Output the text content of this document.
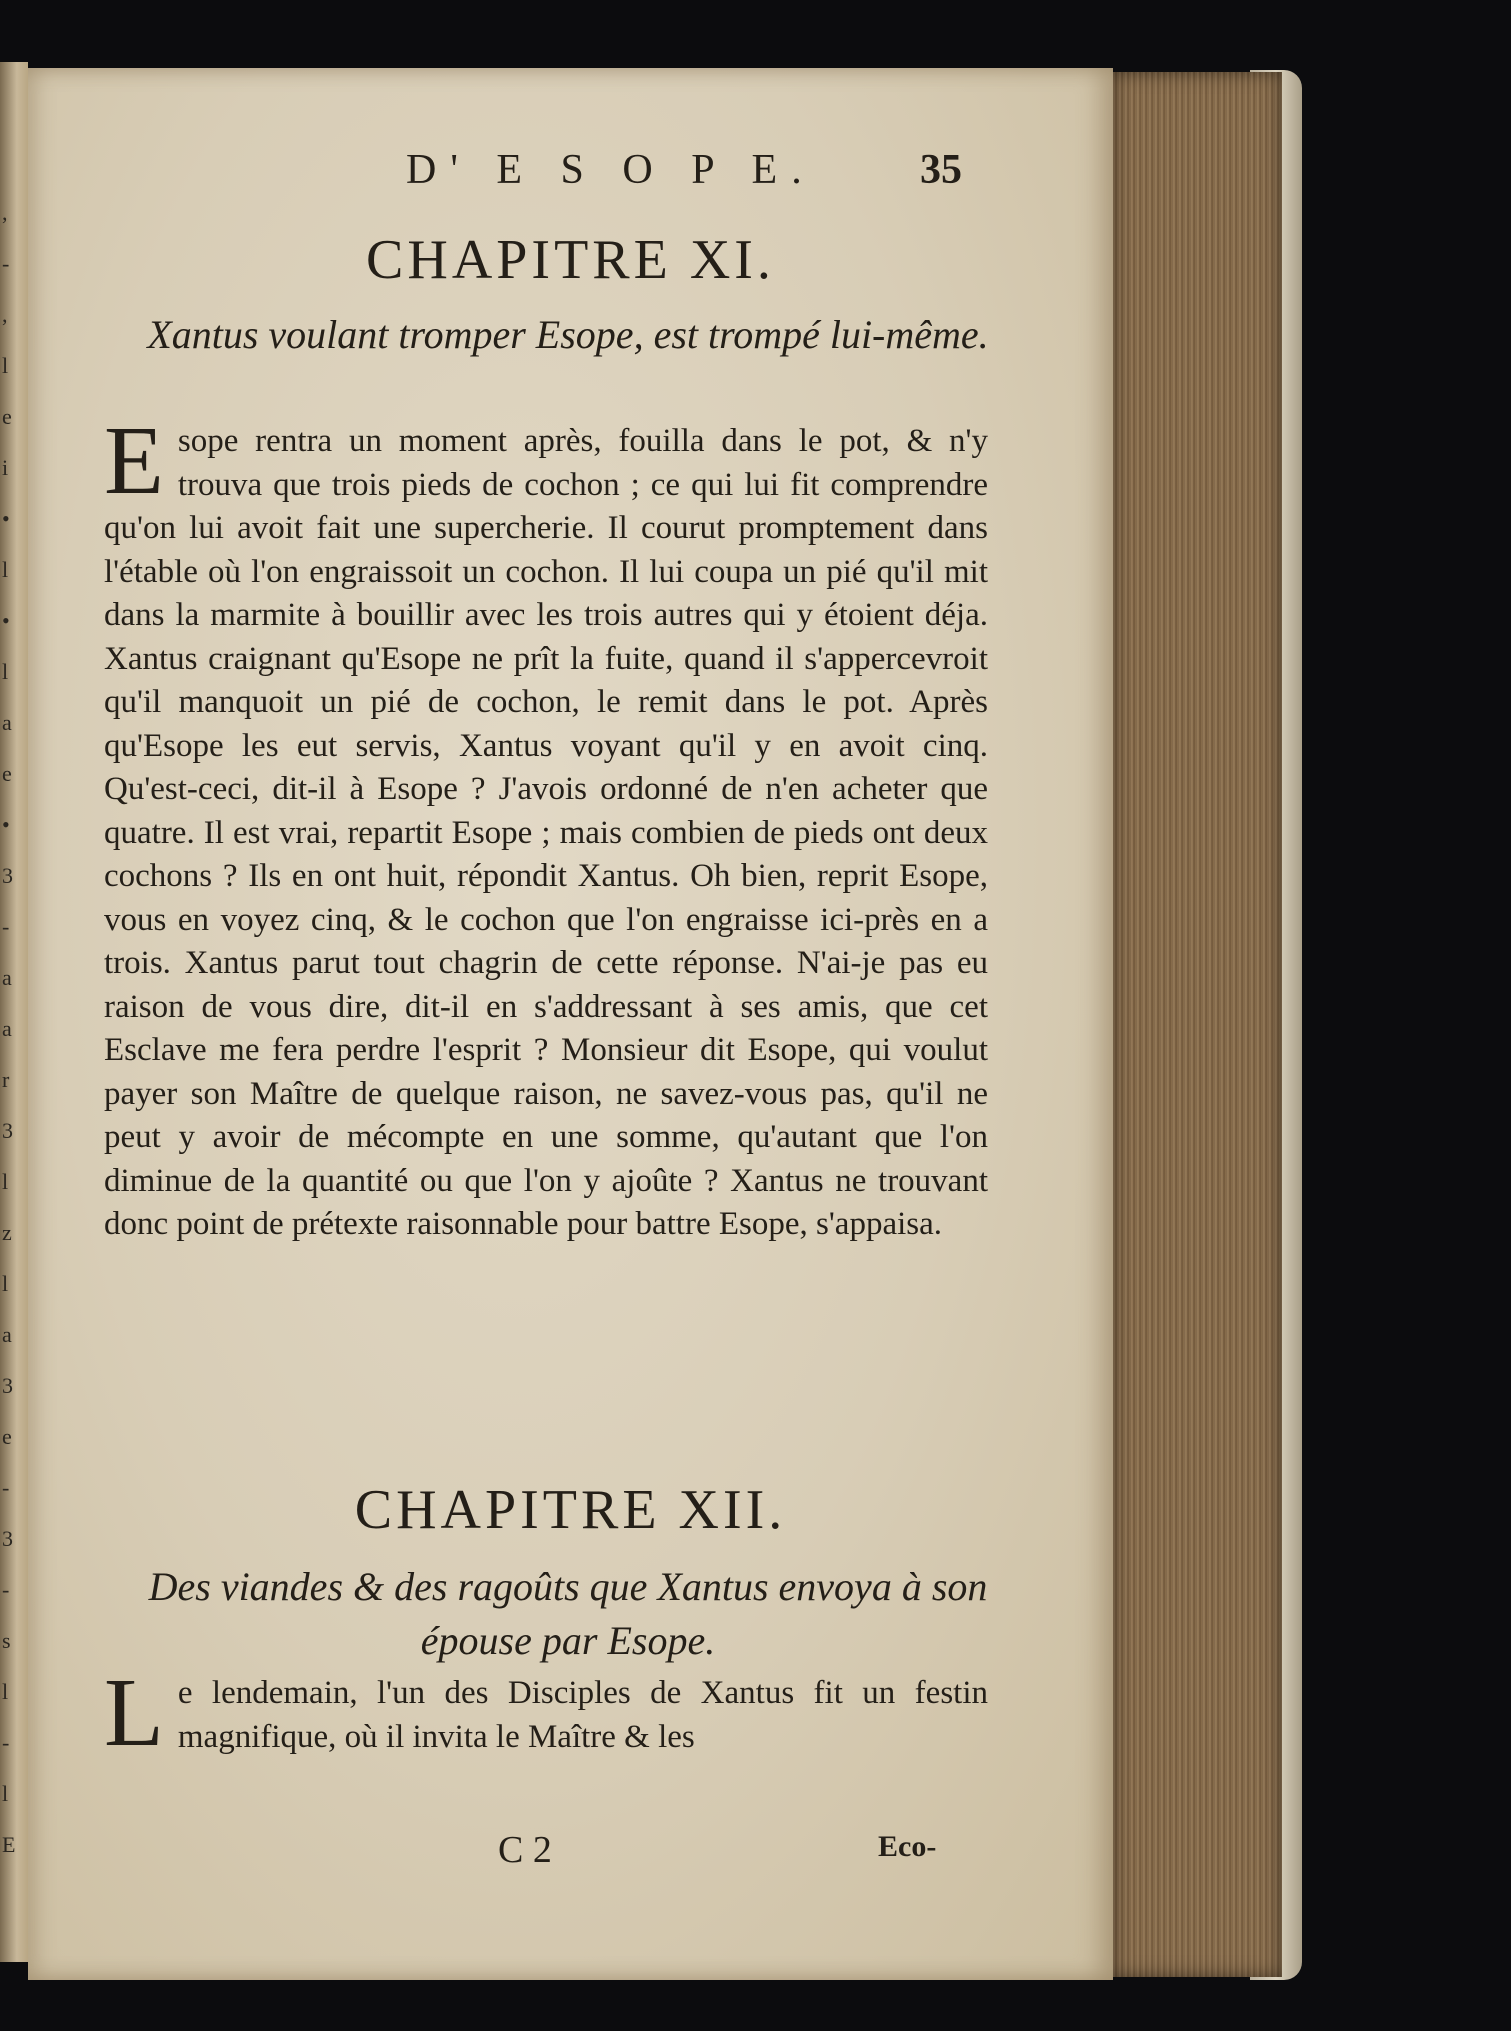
,
-
,
l
e
i
•
l
•
l
a
e
•
3
-
a
a
r
3
l
z
l
a
3
e
-
3
-
s
l
-
l
E
D' E S O P E. 35
CHAPITRE XI.
Xantus voulant tromper Esope, est trompé lui-même.
Esope rentra un moment après, fouilla dans le pot, & n'y trouva que trois pieds de cochon ; ce qui lui fit comprendre qu'on lui avoit fait une supercherie. Il courut promptement dans l'étable où l'on engraissoit un cochon. Il lui coupa un pié qu'il mit dans la marmite à bouillir avec les trois autres qui y étoient déja. Xantus craignant qu'Esope ne prît la fuite, quand il s'appercevroit qu'il manquoit un pié de cochon, le remit dans le pot. Après qu'Esope les eut servis, Xantus voyant qu'il y en avoit cinq. Qu'est-ceci, dit-il à Esope ? J'avois ordonné de n'en acheter que quatre. Il est vrai, repartit Esope ; mais combien de pieds ont deux cochons ? Ils en ont huit, répondit Xantus. Oh bien, reprit Esope, vous en voyez cinq, & le cochon que l'on engraisse ici-près en a trois. Xantus parut tout chagrin de cette réponse. N'ai-je pas eu raison de vous dire, dit-il en s'addressant à ses amis, que cet Esclave me fera perdre l'esprit ? Monsieur dit Esope, qui voulut payer son Maître de quelque raison, ne savez-vous pas, qu'il ne peut y avoir de mécompte en une somme, qu'autant que l'on diminue de la quantité ou que l'on y ajoûte ? Xantus ne trouvant donc point de prétexte raisonnable pour battre Esope, s'appaisa.
CHAPITRE XII.
Des viandes & des ragoûts que Xantus envoya à son épouse par Esope.
Le lendemain, l'un des Disciples de Xantus fit un festin magnifique, où il invita le Maître & les
C 2	Eco-
